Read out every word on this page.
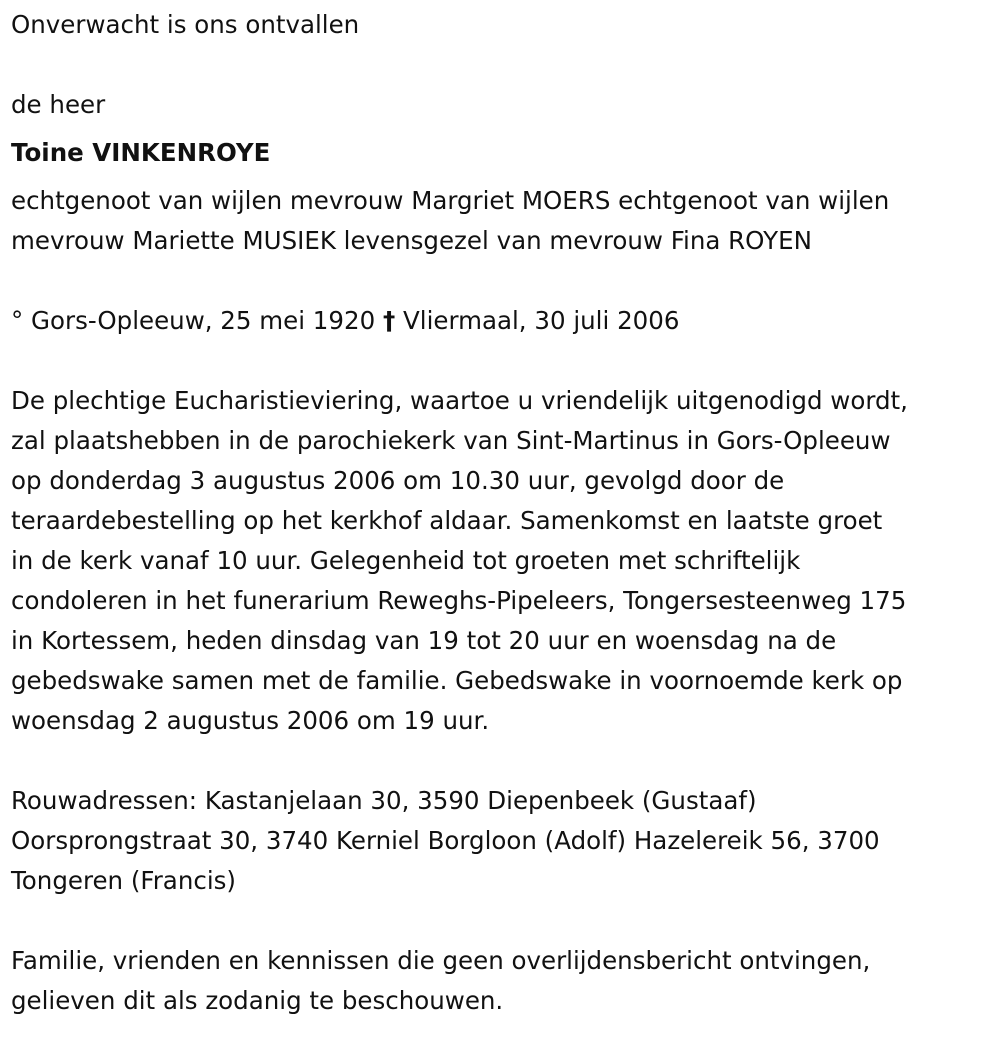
Onverwacht is ons ontvallen

de heer

Toine VINKENROYE

echtgenoot van wijlen mevrouw Margriet MOERS echtgenoot van wijlen

mevrouw Mariette MUSIEK levensgezel van mevrouw Fina ROYEN

° Gors-Opleeuw, 25 mei 1920 † Vliermaal, 30 juli 2006

De plechtige Eucharistieviering, waartoe u vriendelijk uitgenodigd wordt,

zal plaatshebben in de parochiekerk van Sint-Martinus in Gors-Opleeuw

op donderdag 3 augustus 2006 om 10.30 uur, gevolgd door de

teraardebestelling op het kerkhof aldaar. Samenkomst en laatste groet

in de kerk vanaf 10 uur. Gelegenheid tot groeten met schriftelijk

condoleren in het funerarium Reweghs-Pipeleers, Tongersesteenweg 175

in Kortessem, heden dinsdag van 19 tot 20 uur en woensdag na de

gebedswake samen met de familie. Gebedswake in voornoemde kerk op

woensdag 2 augustus 2006 om 19 uur.

Rouwadressen: Kastanjelaan 30, 3590 Diepenbeek (Gustaaf)

Oorsprongstraat 30, 3740 Kerniel Borgloon (Adolf) Hazelereik 56, 3700

Tongeren (Francis)

Familie, vrienden en kennissen die geen overlijdensbericht ontvingen,

gelieven dit als zodanig te beschouwen.
